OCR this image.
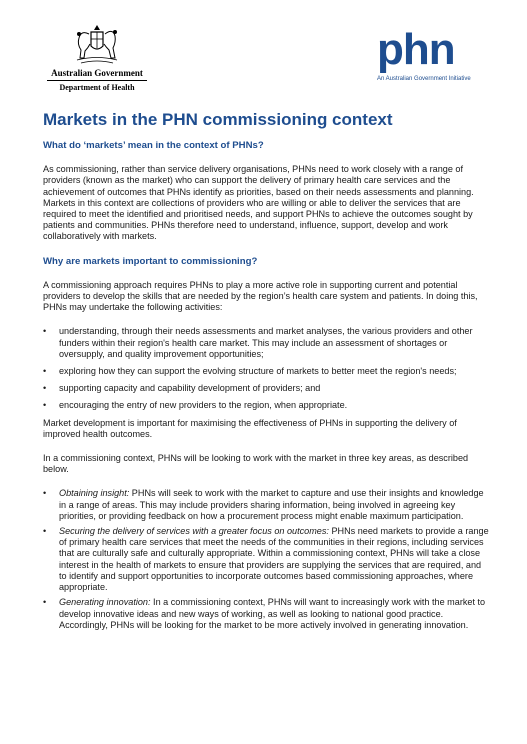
Australian Government
Department of Health
phn
An Australian Government Initiative
Markets in the PHN commissioning context
What do ‘markets’ mean in the context of PHNs?

As commissioning, rather than service delivery organisations, PHNs need to work closely with a range of providers (known as the market) who can support the delivery of primary health care services and the achievement of outcomes that PHNs identify as priorities, based on their needs assessments and planning. Markets in this context are collections of providers who are willing or able to deliver the services that are required to meet the identified and prioritised needs, and support PHNs to achieve the outcomes sought by patients and communities. PHNs therefore need to understand, influence, support, develop and work collaboratively with markets.

Why are markets important to commissioning?

A commissioning approach requires PHNs to play a more active role in supporting current and potential providers to develop the skills that are needed by the region’s health care system and patients. In doing this, PHNs may undertake the following activities:

• understanding, through their needs assessments and market analyses, the various providers and other funders within their region's health care market. This may include an assessment of shortages or oversupply, and quality improvement opportunities;
• exploring how they can support the evolving structure of markets to better meet the region's needs;
• supporting capacity and capability development of providers; and
• encouraging the entry of new providers to the region, when appropriate.

Market development is important for maximising the effectiveness of PHNs in supporting the delivery of improved health outcomes.

In a commissioning context, PHNs will be looking to work with the market in three key areas, as described below.

• Obtaining insight: PHNs will seek to work with the market to capture and use their insights and knowledge in a range of areas. This may include providers sharing information, being involved in agreeing key priorities, or providing feedback on how a procurement process might enable maximum participation.
• Securing the delivery of services with a greater focus on outcomes: PHNs need markets to provide a range of primary health care services that meet the needs of the communities in their regions, including services that are culturally safe and culturally appropriate. Within a commissioning context, PHNs will take a close interest in the health of markets to ensure that providers are supplying the services that are required, and to identify and support opportunities to incorporate outcomes based commissioning approaches, where appropriate.
• Generating innovation: In a commissioning context, PHNs will want to increasingly work with the market to develop innovative ideas and new ways of working, as well as looking to national good practice. Accordingly, PHNs will be looking for the market to be more actively involved in generating innovation.
